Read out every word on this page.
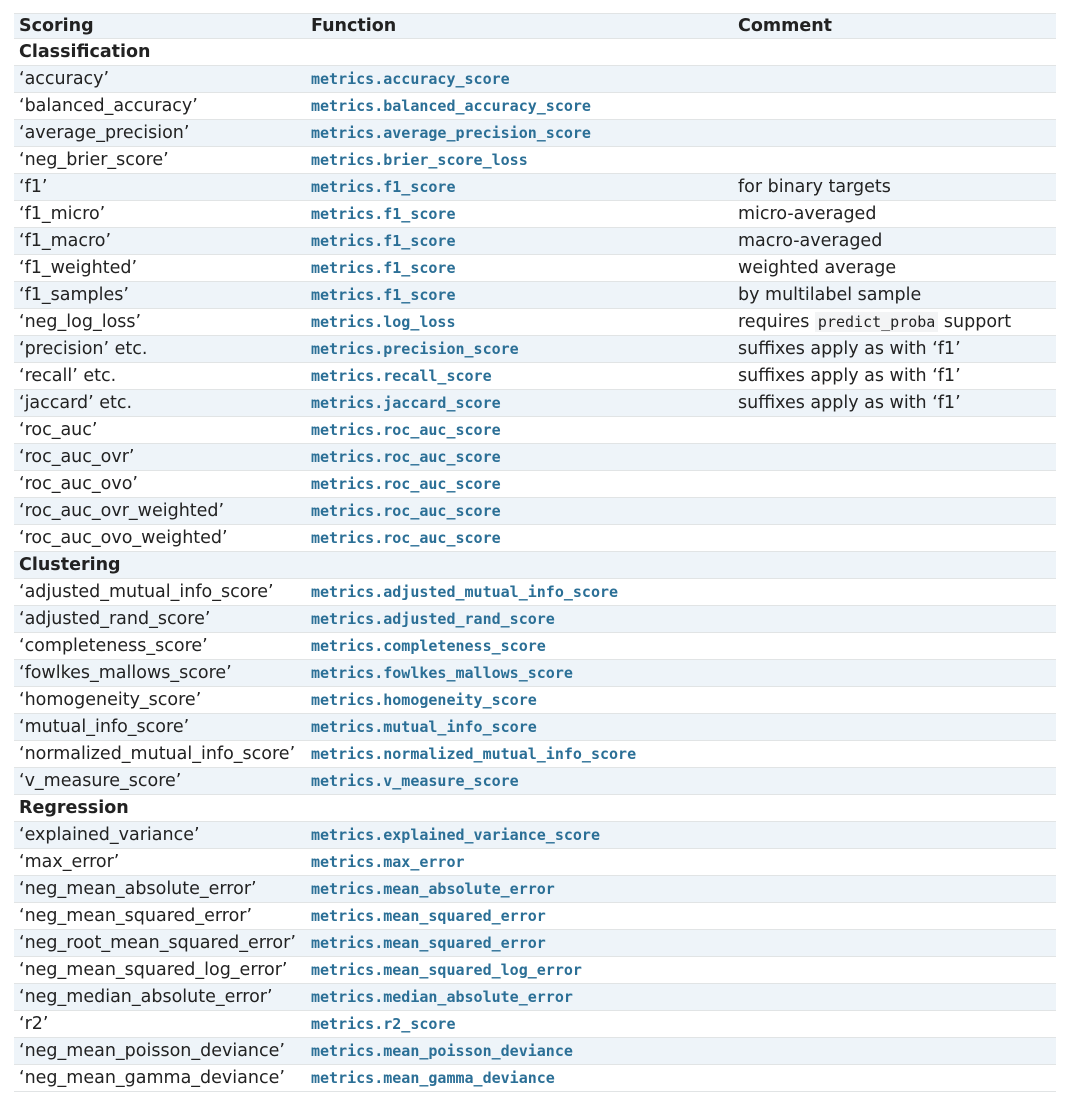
Scoring	Function	Comment
Classification		
‘accuracy’	metrics.accuracy_score	
‘balanced_accuracy’	metrics.balanced_accuracy_score	
‘average_precision’	metrics.average_precision_score	
‘neg_brier_score’	metrics.brier_score_loss	
‘f1’	metrics.f1_score	for binary targets
‘f1_micro’	metrics.f1_score	micro-averaged
‘f1_macro’	metrics.f1_score	macro-averaged
‘f1_weighted’	metrics.f1_score	weighted average
‘f1_samples’	metrics.f1_score	by multilabel sample
‘neg_log_loss’	metrics.log_loss	requires predict_proba support
‘precision’ etc.	metrics.precision_score	suffixes apply as with ‘f1’
‘recall’ etc.	metrics.recall_score	suffixes apply as with ‘f1’
‘jaccard’ etc.	metrics.jaccard_score	suffixes apply as with ‘f1’
‘roc_auc’	metrics.roc_auc_score	
‘roc_auc_ovr’	metrics.roc_auc_score	
‘roc_auc_ovo’	metrics.roc_auc_score	
‘roc_auc_ovr_weighted’	metrics.roc_auc_score	
‘roc_auc_ovo_weighted’	metrics.roc_auc_score	
Clustering		
‘adjusted_mutual_info_score’	metrics.adjusted_mutual_info_score	
‘adjusted_rand_score’	metrics.adjusted_rand_score	
‘completeness_score’	metrics.completeness_score	
‘fowlkes_mallows_score’	metrics.fowlkes_mallows_score	
‘homogeneity_score’	metrics.homogeneity_score	
‘mutual_info_score’	metrics.mutual_info_score	
‘normalized_mutual_info_score’	metrics.normalized_mutual_info_score	
‘v_measure_score’	metrics.v_measure_score	
Regression		
‘explained_variance’	metrics.explained_variance_score	
‘max_error’	metrics.max_error	
‘neg_mean_absolute_error’	metrics.mean_absolute_error	
‘neg_mean_squared_error’	metrics.mean_squared_error	
‘neg_root_mean_squared_error’	metrics.mean_squared_error	
‘neg_mean_squared_log_error’	metrics.mean_squared_log_error	
‘neg_median_absolute_error’	metrics.median_absolute_error	
‘r2’	metrics.r2_score	
‘neg_mean_poisson_deviance’	metrics.mean_poisson_deviance	
‘neg_mean_gamma_deviance’	metrics.mean_gamma_deviance	
